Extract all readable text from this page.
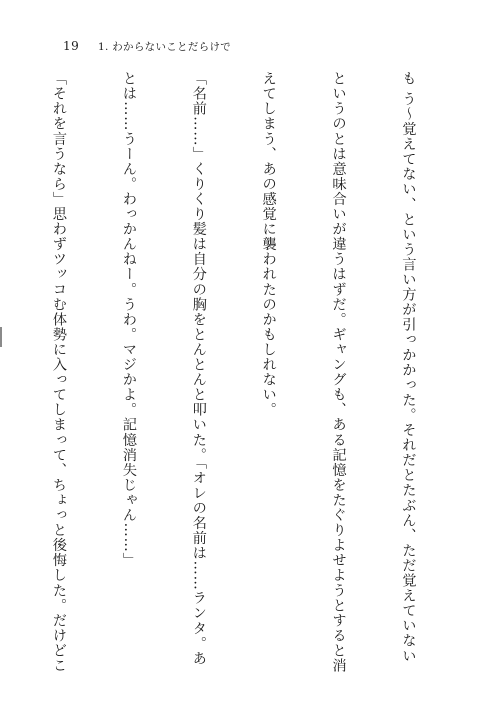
19 1. わからないことだらけで

も う～覚えてない、という言い方が引っかかった。それだとたぶん、ただ覚えていない

というのとは意味合いが違うはずだ。ギャングも、ある記憶をたぐりよせようとすると消

えてしまう、あの感覚に襲われたのかもしれない。

「名前……」くりくり髪は自分の胸をとんとんと叩いた。「オレの名前は……ランタ。あ

とは……うーん。わっかんねー。うわ。マジかよ。記憶消失じゃん……」

「それを言うなら」思わずツッコむ体勢に入ってしまって、ちょっと後悔した。だけどこ
